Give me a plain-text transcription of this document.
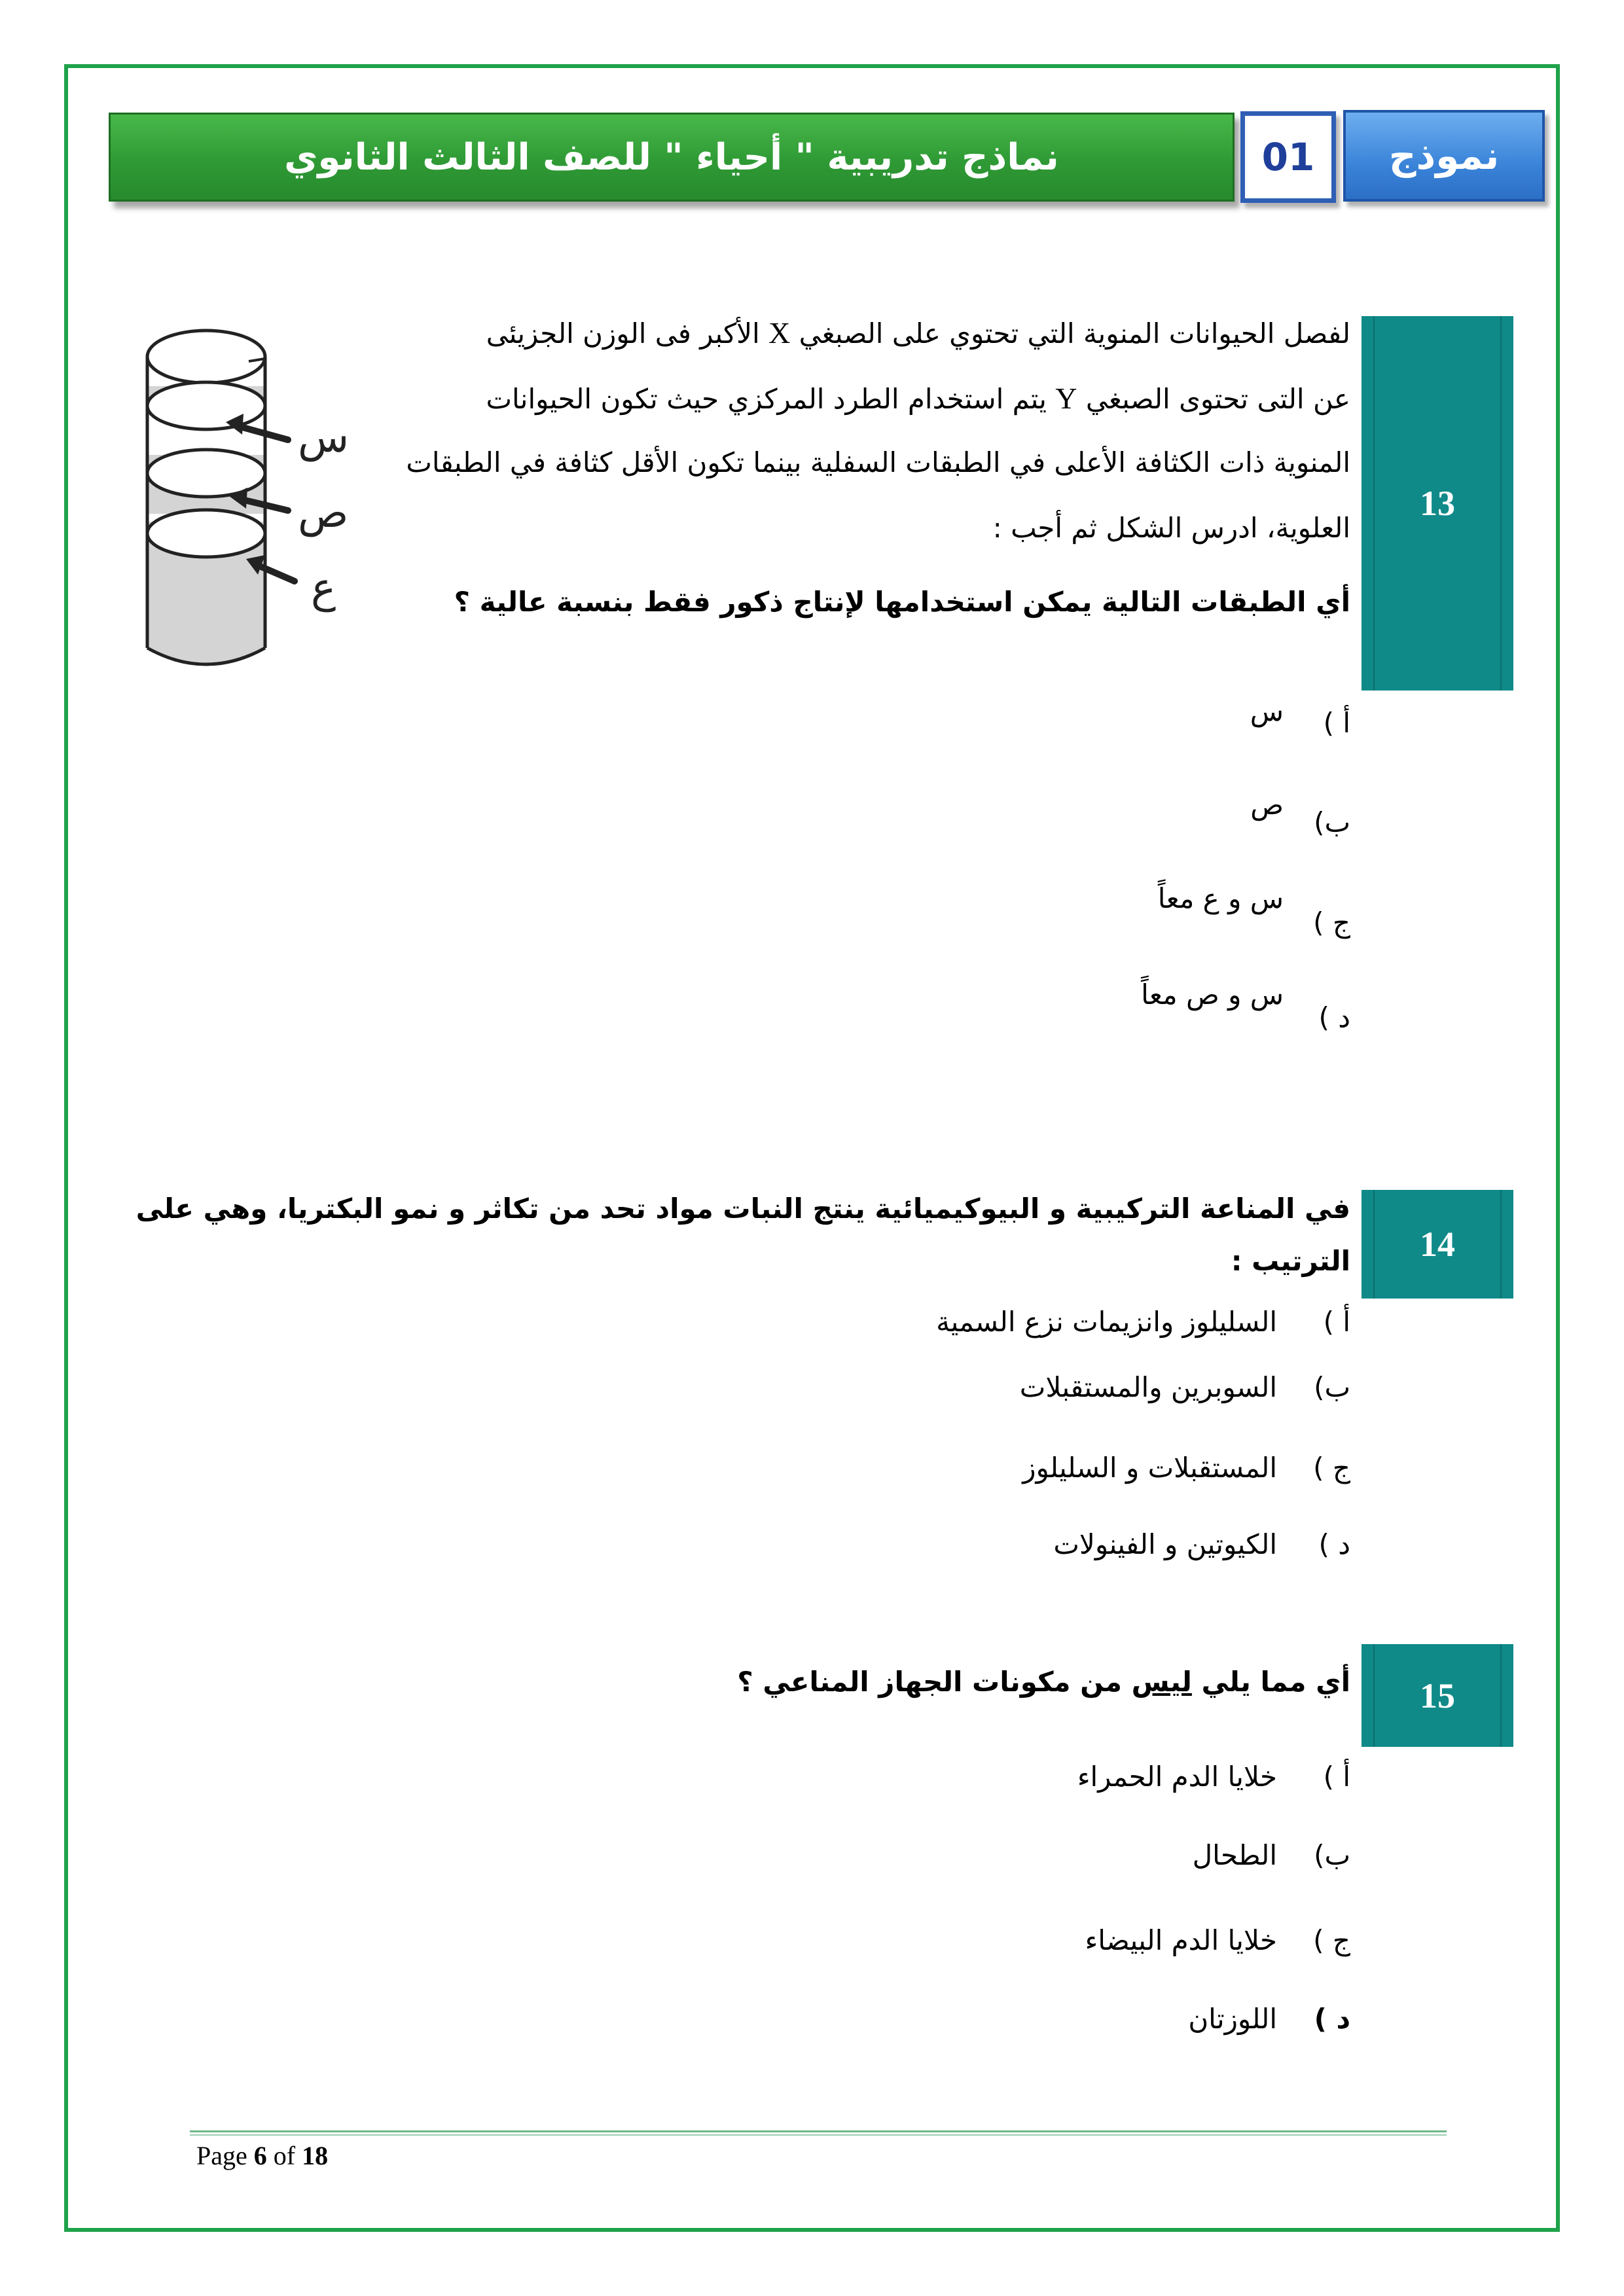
نماذج تدريبية " أحياء " للصف الثالث الثانوي	01	نموذج
13
لفصل الحيوانات المنوية التي تحتوي على الصبغي X الأكبر فى الوزن الجزيئى
عن التى تحتوى الصبغي Y يتم استخدام الطرد المركزي حيث تكون الحيوانات
المنوية ذات الكثافة الأعلى في الطبقات السفلية بينما تكون الأقل كثافة في الطبقات
العلوية، ادرس الشكل ثم أجب :
أي الطبقات التالية يمكن استخدامها لإنتاج ذكور فقط بنسبة عالية ؟
س
ص
ع
أ )
س
ب)
ص
ج )
س و ع معاً
د )
س و ص معاً
14
في المناعة التركيبية و البيوكيميائية ينتج النبات مواد تحد من تكاثر و نمو البكتريا، وهي على
الترتيب :
أ )
السليلوز وانزيمات نزع السمية
ب)
السوبرين والمستقبلات
ج )
المستقبلات و السليلوز
د )
الكيوتين و الفينولات
15
أي مما يلي ليس من مكونات الجهاز المناعي ؟
أ )
خلايا الدم الحمراء
ب)
الطحال
ج )
خلايا الدم البيضاء
د )
اللوزتان
Page 6 of 18
